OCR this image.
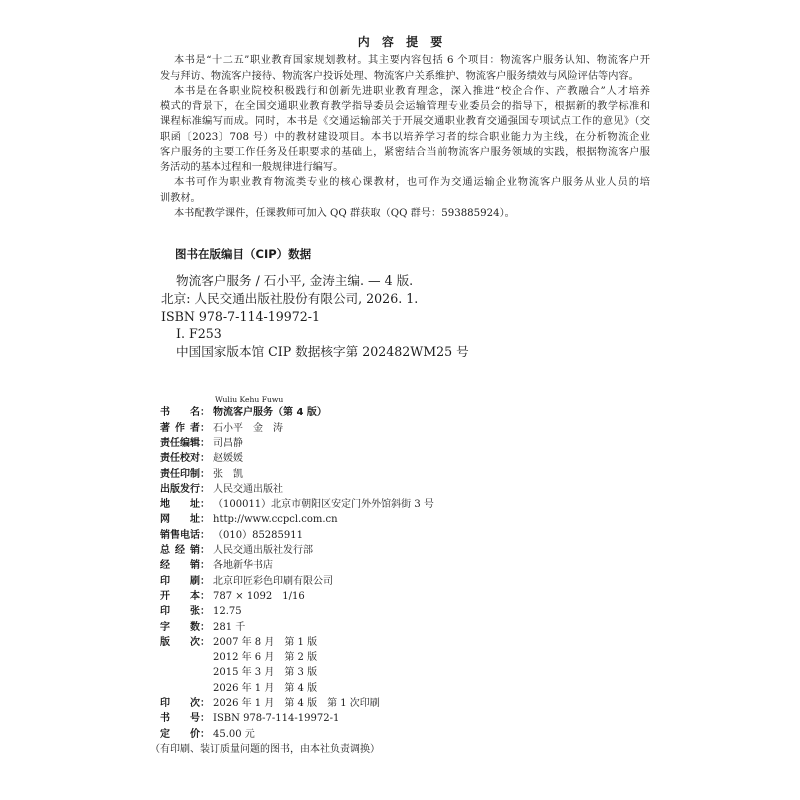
内 容 提 要
本书是“十二五”职业教育国家规划教材。其主要内容包括 6 个项目：物流客户服务认知、物流客户开
发与拜访、物流客户接待、物流客户投诉处理、物流客户关系维护、物流客户服务绩效与风险评估等内容。
本书是在各职业院校积极践行和创新先进职业教育理念，深入推进“校企合作、产教融合”人才培养
模式的背景下，在全国交通职业教育教学指导委员会运输管理专业委员会的指导下，根据新的教学标准和
课程标准编写而成。同时，本书是《交通运输部关于开展交通职业教育交通强国专项试点工作的意见》（交
职函〔2023〕708 号）中的教材建设项目。本书以培养学习者的综合职业能力为主线，在分析物流企业
客户服务的主要工作任务及任职要求的基础上，紧密结合当前物流客户服务领域的实践，根据物流客户服
务活动的基本过程和一般规律进行编写。
本书可作为职业教育物流类专业的核心课教材，也可作为交通运输企业物流客户服务从业人员的培
训教材。
本书配教学课件，任课教师可加入 QQ 群获取（QQ 群号：593885924）。
图书在版编目（CIP）数据
物流客户服务 / 石小平, 金涛主编. — 4 版.
北京: 人民交通出版社股份有限公司, 2026. 1.
ISBN 978-7-114-19972-1
Ⅰ. F253
中国国家版本馆 CIP 数据核字第 202482WM25 号
Wuliu Kehu Fuwu
书　　名： 物流客户服务（第 4 版）
著 作 者： 石小平　金　涛
责任编辑： 司昌静
责任校对： 赵媛媛
责任印制： 张　凯
出版发行： 人民交通出版社
地　　址： （100011）北京市朝阳区安定门外外馆斜街 3 号
网　　址： http://www.ccpcl.com.cn
销售电话： （010）85285911
总 经 销： 人民交通出版社发行部
经　　销： 各地新华书店
印　　刷： 北京印匠彩色印刷有限公司
开　　本： 787 × 1092　1/16
印　　张： 12.75
字　　数： 281 千
版　　次： 2007 年 8 月　第 1 版
2012 年 6 月　第 2 版
2015 年 3 月　第 3 版
2026 年 1 月　第 4 版
印　　次： 2026 年 1 月　第 4 版　第 1 次印刷
书　　号： ISBN 978-7-114-19972-1
定　　价： 45.00 元
（有印刷、装订质量问题的图书，由本社负责调换）
